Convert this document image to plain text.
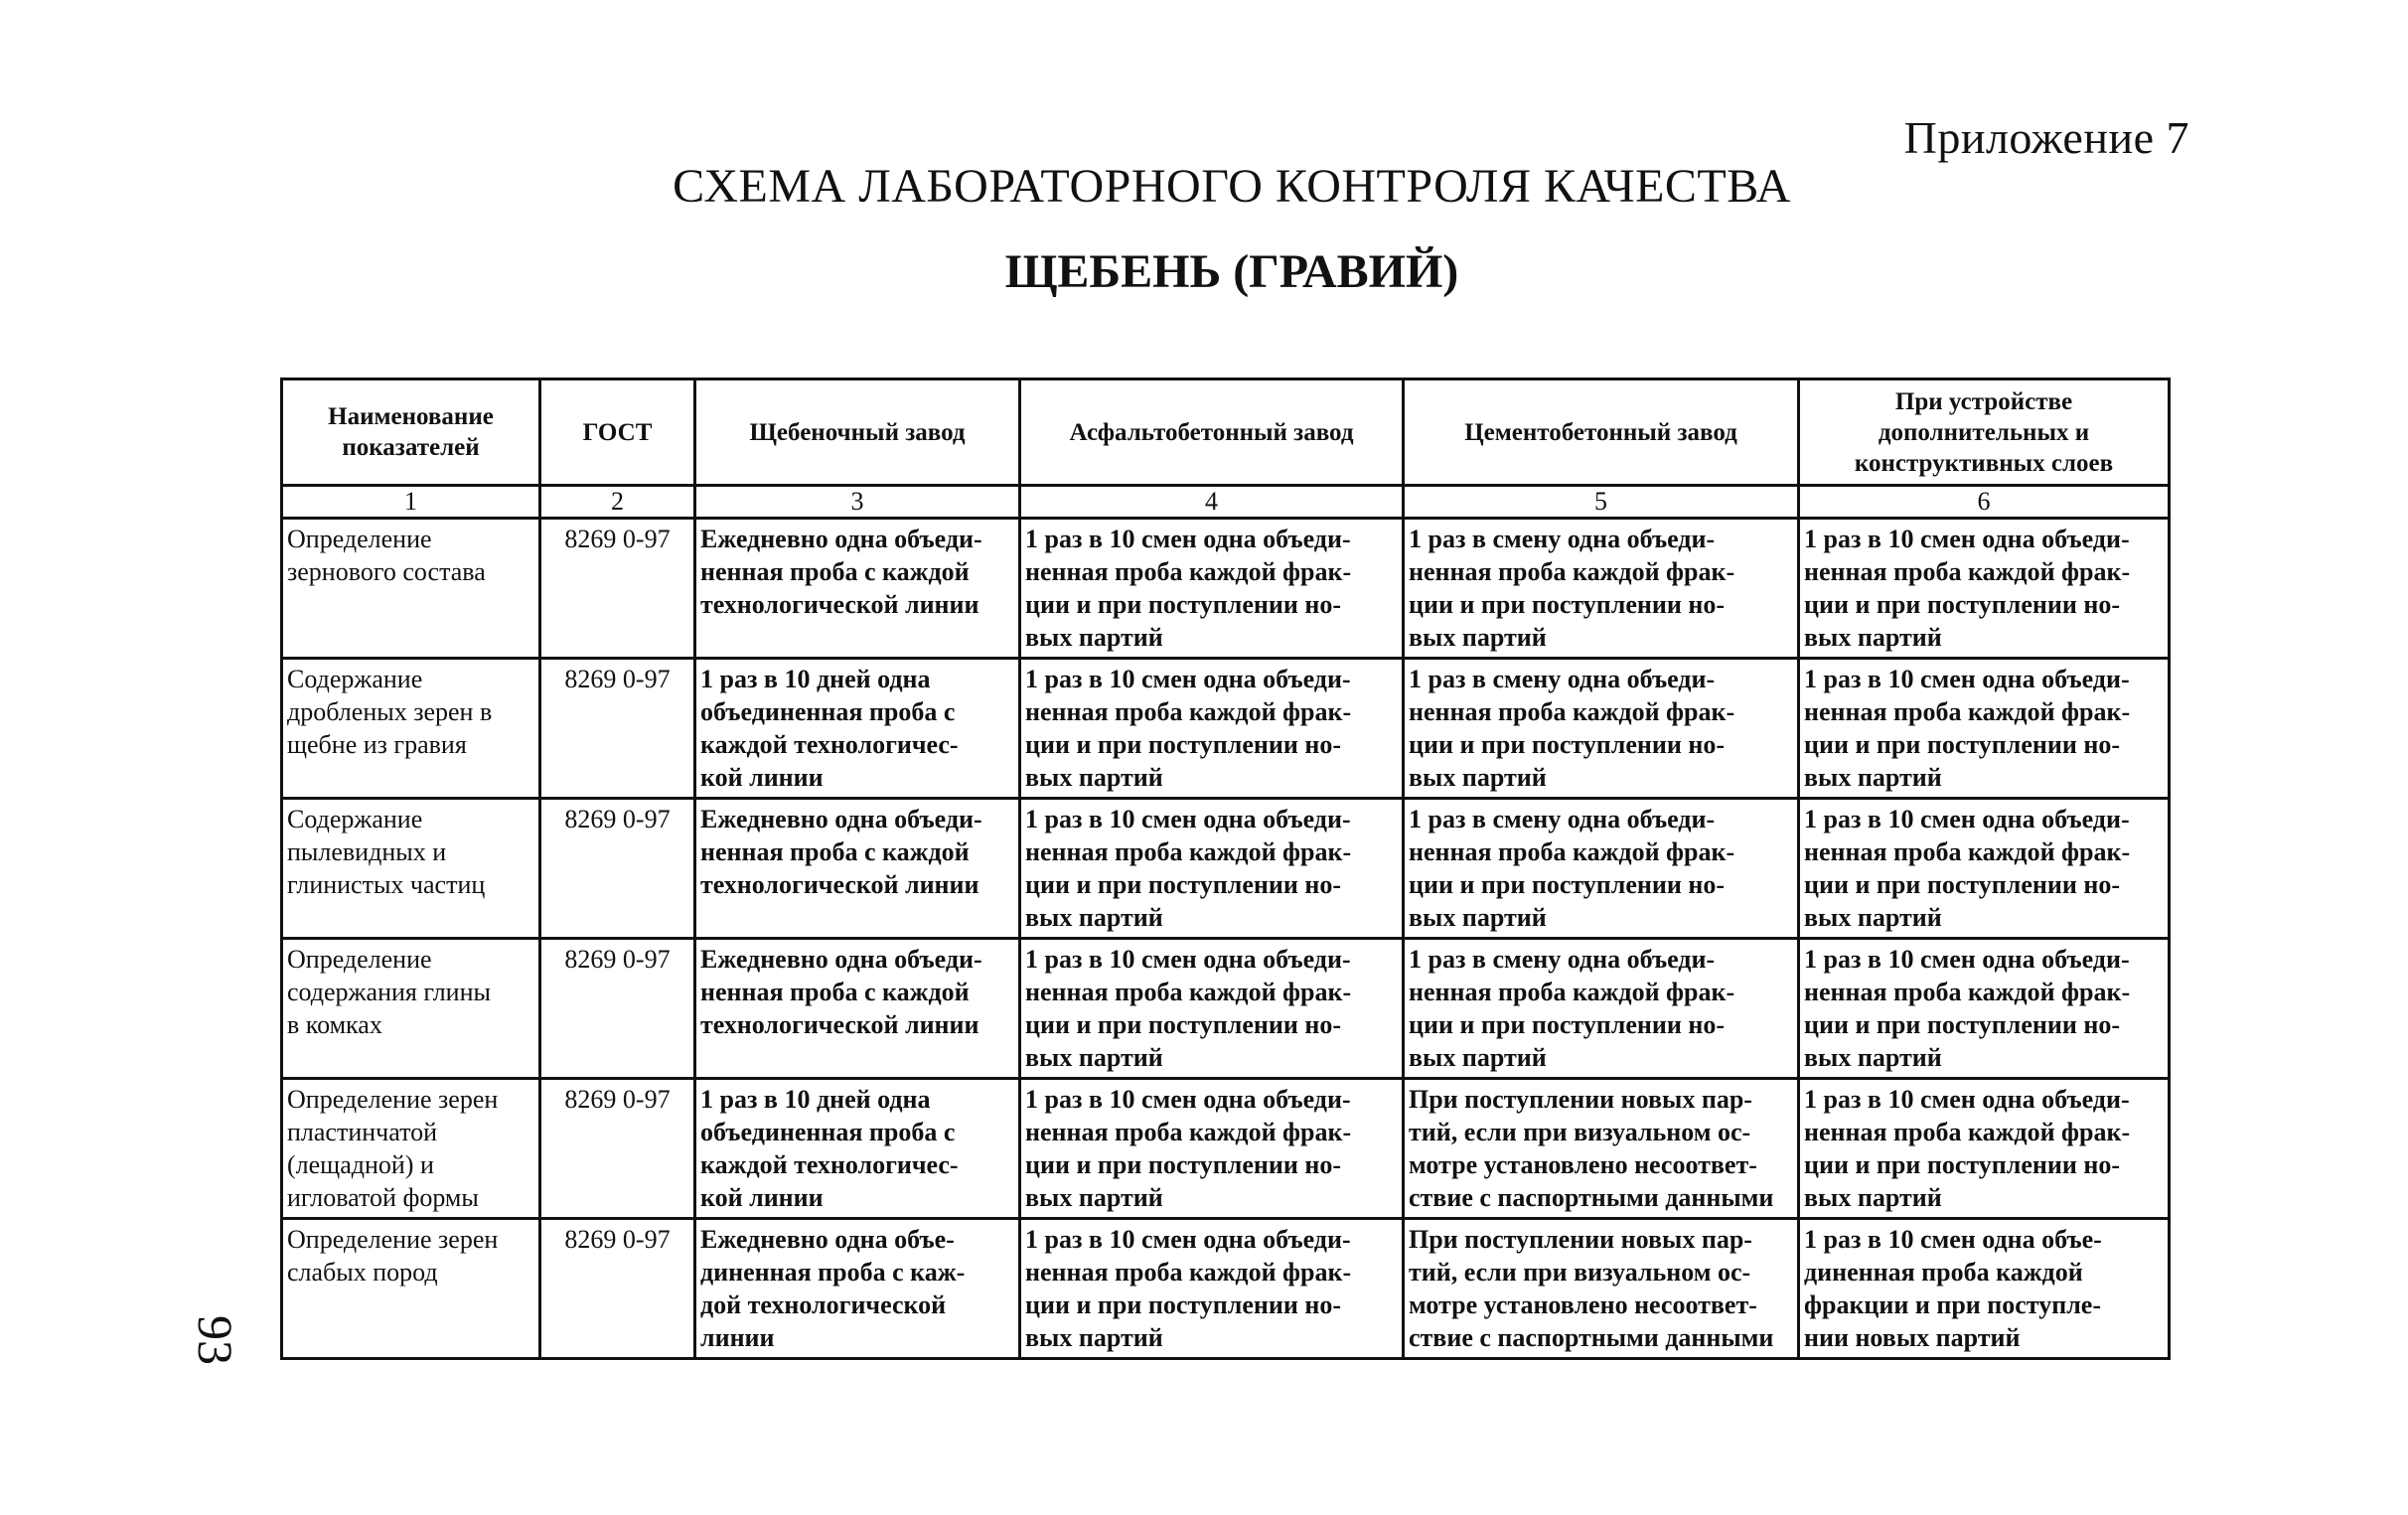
Приложение 7
СХЕМА ЛАБОРАТОРНОГО КОНТРОЛЯ КАЧЕСТВА
ЩЕБЕНЬ (ГРАВИЙ)
93
Наименование показателей	ГОСТ	Щебеночный завод	Асфальтобетонный завод	Цементобетонный завод	При устройстве дополнительных и конструктивных слоев
1	2	3	4	5	6
Определение
зернового состава	8269 0-97	Ежедневно одна объеди-
ненная проба с каждой
технологической линии	1 раз в 10 смен одна объеди-
ненная проба каждой фрак-
ции и при поступлении но-
вых партий	1 раз в смену одна объеди-
ненная проба каждой фрак-
ции и при поступлении но-
вых партий	1 раз в 10 смен одна объеди-
ненная проба каждой фрак-
ции и при поступлении но-
вых партий
Содержание
дробленых зерен в
щебне из гравия	8269 0-97	1 раз в 10 дней одна
объединенная проба с
каждой технологичес-
кой линии	1 раз в 10 смен одна объеди-
ненная проба каждой фрак-
ции и при поступлении но-
вых партий	1 раз в смену одна объеди-
ненная проба каждой фрак-
ции и при поступлении но-
вых партий	1 раз в 10 смен одна объеди-
ненная проба каждой фрак-
ции и при поступлении но-
вых партий
Содержание
пылевидных и
глинистых частиц	8269 0-97	Ежедневно одна объеди-
ненная проба с каждой
технологической линии	1 раз в 10 смен одна объеди-
ненная проба каждой фрак-
ции и при поступлении но-
вых партий	1 раз в смену одна объеди-
ненная проба каждой фрак-
ции и при поступлении но-
вых партий	1 раз в 10 смен одна объеди-
ненная проба каждой фрак-
ции и при поступлении но-
вых партий
Определение
содержания глины
в комках	8269 0-97	Ежедневно одна объеди-
ненная проба с каждой
технологической линии	1 раз в 10 смен одна объеди-
ненная проба каждой фрак-
ции и при поступлении но-
вых партий	1 раз в смену одна объеди-
ненная проба каждой фрак-
ции и при поступлении но-
вых партий	1 раз в 10 смен одна объеди-
ненная проба каждой фрак-
ции и при поступлении но-
вых партий
Определение зерен
пластинчатой
(лещадной) и
игловатой формы	8269 0-97	1 раз в 10 дней одна
объединенная проба с
каждой технологичес-
кой линии	1 раз в 10 смен одна объеди-
ненная проба каждой фрак-
ции и при поступлении но-
вых партий	При поступлении новых пар-
тий, если при визуальном ос-
мотре установлено несоответ-
ствие с паспортными данными	1 раз в 10 смен одна объеди-
ненная проба каждой фрак-
ции и при поступлении но-
вых партий
Определение зерен
слабых пород	8269 0-97	Ежедневно одна объе-
диненная проба с каж-
дой технологической
линии	1 раз в 10 смен одна объеди-
ненная проба каждой фрак-
ции и при поступлении но-
вых партий	При поступлении новых пар-
тий, если при визуальном ос-
мотре установлено несоответ-
ствие с паспортными данными	1 раз в 10 смен одна объе-
диненная проба каждой
фракции и при поступле-
нии новых партий
